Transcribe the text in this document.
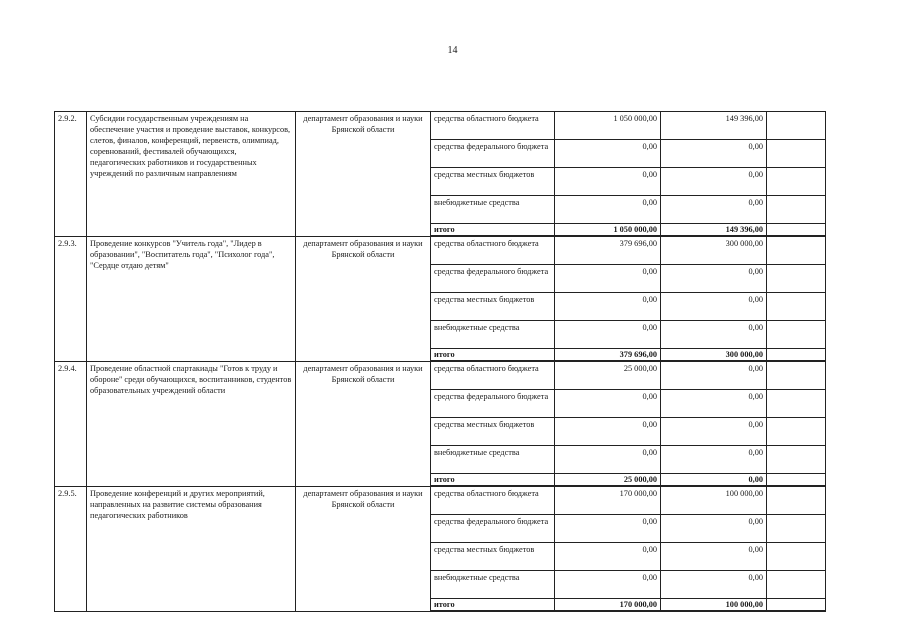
14
2.9.2.	Субсидии государственным учреждениям на обеспечение участия и проведение выставок, конкурсов, слетов, финалов, конференций, первенств, олимпиад, соревнований, фестивалей обучающихся, педагогических работников и государственных учреждений по различным направлениям	департамент образования и науки Брянской области	средства областного бюджета	1 050 000,00	149 396,00	
			средства федерального бюджета	0,00	0,00	
			средства местных бюджетов	0,00	0,00	
			внебюджетные средства	0,00	0,00	
			итого	1 050 000,00	149 396,00	
2.9.3.	Проведение конкурсов "Учитель года", "Лидер в образовании", "Воспитатель года", "Психолог года", "Сердце отдаю детям"	департамент образования и науки Брянской области	средства областного бюджета	379 696,00	300 000,00	
			средства федерального бюджета	0,00	0,00	
			средства местных бюджетов	0,00	0,00	
			внебюджетные средства	0,00	0,00	
			итого	379 696,00	300 000,00	
2.9.4.	Проведение областной спартакиады "Готов к труду и обороне" среди обучающихся, воспитанников, студентов образовательных учреждений области	департамент образования и науки Брянской области	средства областного бюджета	25 000,00	0,00	
			средства федерального бюджета	0,00	0,00	
			средства местных бюджетов	0,00	0,00	
			внебюджетные средства	0,00	0,00	
			итого	25 000,00	0,00	
2.9.5.	Проведение конференций и других мероприятий, направленных на развитие системы образования педагогических работников	департамент образования и науки Брянской области	средства областного бюджета	170 000,00	100 000,00	
			средства федерального бюджета	0,00	0,00	
			средства местных бюджетов	0,00	0,00	
			внебюджетные средства	0,00	0,00	
			итого	170 000,00	100 000,00	
